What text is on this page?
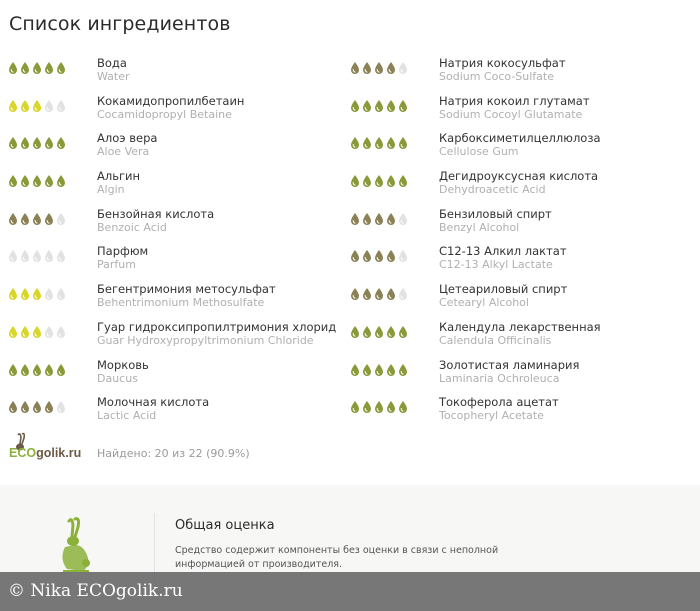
Список ингредиентов
Вода
Water
Кокамидопропилбетаин
Cocamidopropyl Betaine
Алоэ вера
Aloe Vera
Альгин
Algin
Бензойная кислота
Benzoic Acid
Парфюм
Parfum
Бегентримония метосульфат
Behentrimonium Methosulfate
Гуар гидроксипропилтримония хлорид
Guar Hydroxypropyltrimonium Chloride
Морковь
Daucus
Молочная кислота
Lactic Acid
Натрия кокосульфат
Sodium Coco-Sulfate
Натрия кокоил глутамат
Sodium Cocoyl Glutamate
Карбоксиметилцеллюлоза
Cellulose Gum
Дегидроуксусная кислота
Dehydroacetic Acid
Бензиловый спирт
Benzyl Alcohol
С12-13 Алкил лактат
C12-13 Alkyl Lactate
Цетеариловый спирт
Cetearyl Alcohol
Календула лекарственная
Calendula Officinalis
Золотистая ламинария
Laminaria Ochroleuca
Токоферола ацетат
Tocopheryl Acetate
ECOgolik.ru Найдено: 20 из 22 (90.9%)
Общая оценка
Средство содержит компоненты без оценки в связи с неполной информацией от производителя.
© Nika ECOgolik.ru
